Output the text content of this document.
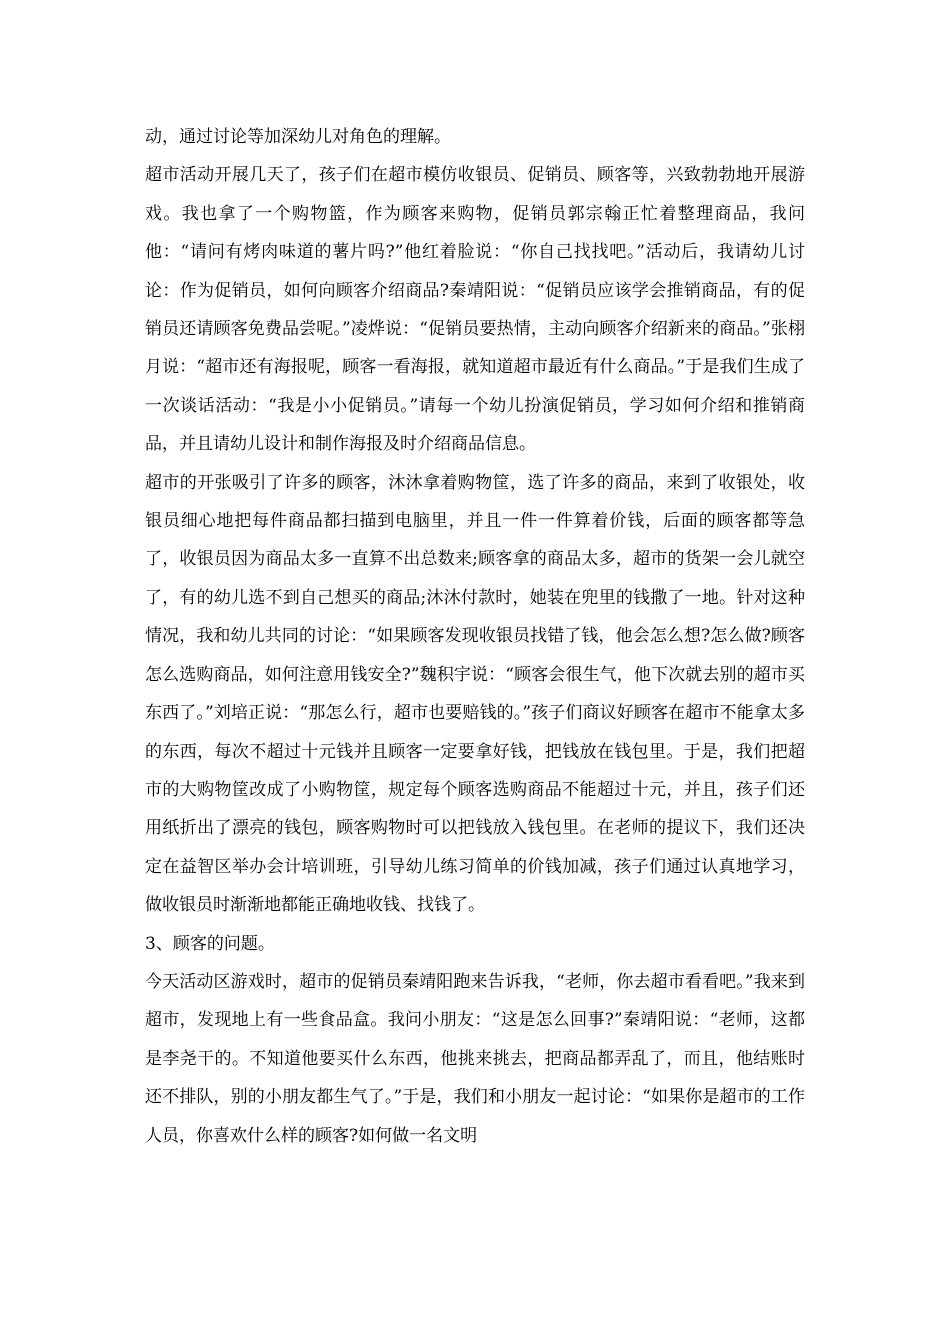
动，通过讨论等加深幼儿对角色的理解。

超市活动开展几天了，孩子们在超市模仿收银员、促销员、顾客等，兴致勃勃地开展游戏。我也拿了一个购物篮，作为顾客来购物，促销员郭宗翰正忙着整理商品，我问他：“请问有烤肉味道的薯片吗?”他红着脸说：“你自己找找吧。”活动后，我请幼儿讨论：作为促销员，如何向顾客介绍商品?秦靖阳说：“促销员应该学会推销商品，有的促销员还请顾客免费品尝呢。”凌烨说：“促销员要热情，主动向顾客介绍新来的商品。”张栩月说：“超市还有海报呢，顾客一看海报，就知道超市最近有什么商品。”于是我们生成了一次谈话活动：“我是小小促销员。”请每一个幼儿扮演促销员，学习如何介绍和推销商品，并且请幼儿设计和制作海报及时介绍商品信息。

超市的开张吸引了许多的顾客，沐沐拿着购物筐，选了许多的商品，来到了收银处，收银员细心地把每件商品都扫描到电脑里，并且一件一件算着价钱，后面的顾客都等急了，收银员因为商品太多一直算不出总数来;顾客拿的商品太多，超市的货架一会儿就空了，有的幼儿选不到自己想买的商品;沐沐付款时，她装在兜里的钱撒了一地。针对这种情况，我和幼儿共同的讨论：“如果顾客发现收银员找错了钱，他会怎么想?怎么做?顾客怎么选购商品，如何注意用钱安全?”魏积宇说：“顾客会很生气，他下次就去别的超市买东西了。”刘培正说：“那怎么行，超市也要赔钱的。”孩子们商议好顾客在超市不能拿太多的东西，每次不超过十元钱并且顾客一定要拿好钱，把钱放在钱包里。于是，我们把超市的大购物筐改成了小购物筐，规定每个顾客选购商品不能超过十元，并且，孩子们还用纸折出了漂亮的钱包，顾客购物时可以把钱放入钱包里。在老师的提议下，我们还决定在益智区举办会计培训班，引导幼儿练习简单的价钱加减，孩子们通过认真地学习，做收银员时渐渐地都能正确地收钱、找钱了。

3、顾客的问题。

今天活动区游戏时，超市的促销员秦靖阳跑来告诉我，“老师，你去超市看看吧。”我来到超市，发现地上有一些食品盒。我问小朋友：“这是怎么回事?”秦靖阳说：“老师，这都是李尧干的。不知道他要买什么东西，他挑来挑去，把商品都弄乱了，而且，他结账时还不排队，别的小朋友都生气了。”于是，我们和小朋友一起讨论：“如果你是超市的工作人员，你喜欢什么样的顾客?如何做一名文明
